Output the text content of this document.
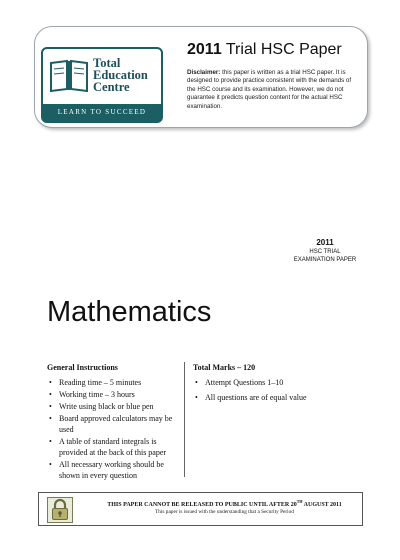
Total
Education
Centre
LEARN TO SUCCEED
2011 Trial HSC Paper
Disclaimer: this paper is written as a trial HSC paper. It is designed to provide practice consistent with the demands of the HSC course and its examination. However, we do not guarantee it predicts question content for the actual HSC examination.
2011
HSC TRIAL
EXAMINATION PAPER
Mathematics
General Instructions
• Reading time – 5 minutes
• Working time – 3 hours
• Write using black or blue pen
• Board approved calculators may be used
• A table of standard integrals is provided at the back of this paper
• All necessary working should be shown in every question
Total Marks – 120
• Attempt Questions 1–10
• All questions are of equal value
THIS PAPER CANNOT BE RELEASED TO PUBLIC UNTIL AFTER 20TH AUGUST 2011
This paper is issued with the understanding that a Security Period
